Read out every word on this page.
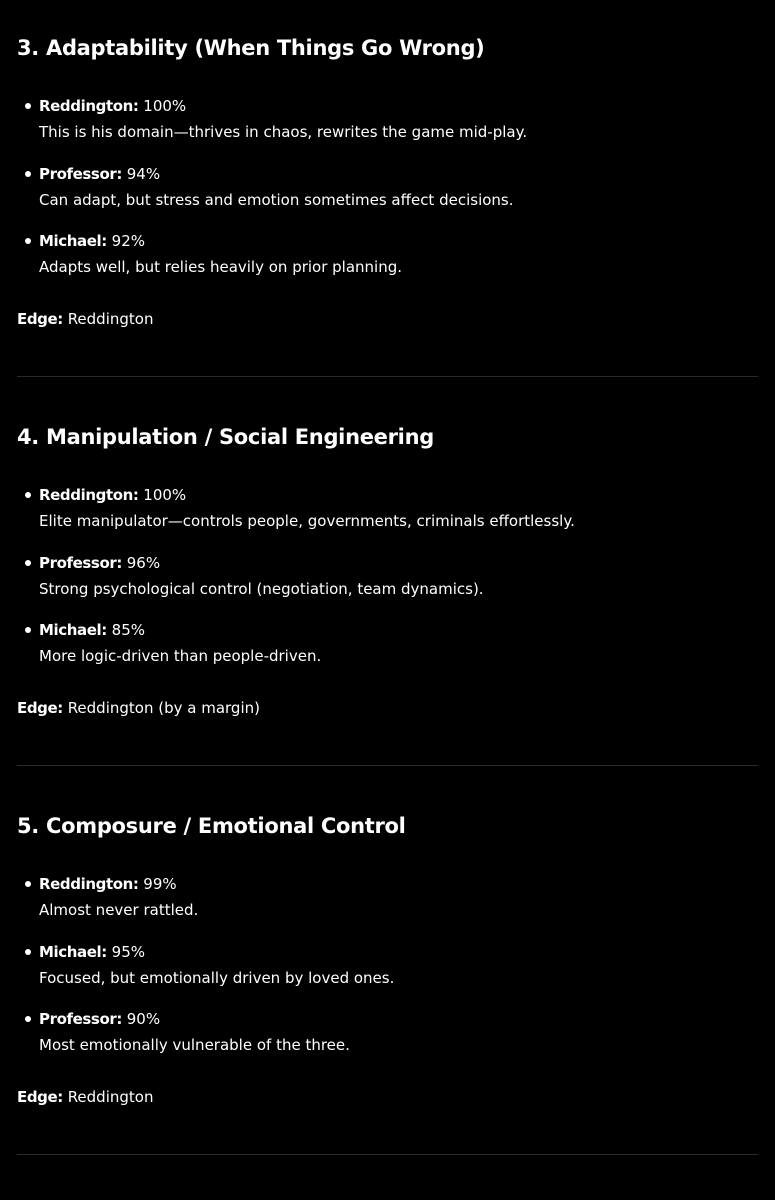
3. Adaptability (When Things Go Wrong)
Reddington: 100%
This is his domain—thrives in chaos, rewrites the game mid-play.
Professor: 94%
Can adapt, but stress and emotion sometimes affect decisions.
Michael: 92%
Adapts well, but relies heavily on prior planning.
Edge: Reddington
4. Manipulation / Social Engineering
Reddington: 100%
Elite manipulator—controls people, governments, criminals effortlessly.
Professor: 96%
Strong psychological control (negotiation, team dynamics).
Michael: 85%
More logic-driven than people-driven.
Edge: Reddington (by a margin)
5. Composure / Emotional Control
Reddington: 99%
Almost never rattled.
Michael: 95%
Focused, but emotionally driven by loved ones.
Professor: 90%
Most emotionally vulnerable of the three.
Edge: Reddington
